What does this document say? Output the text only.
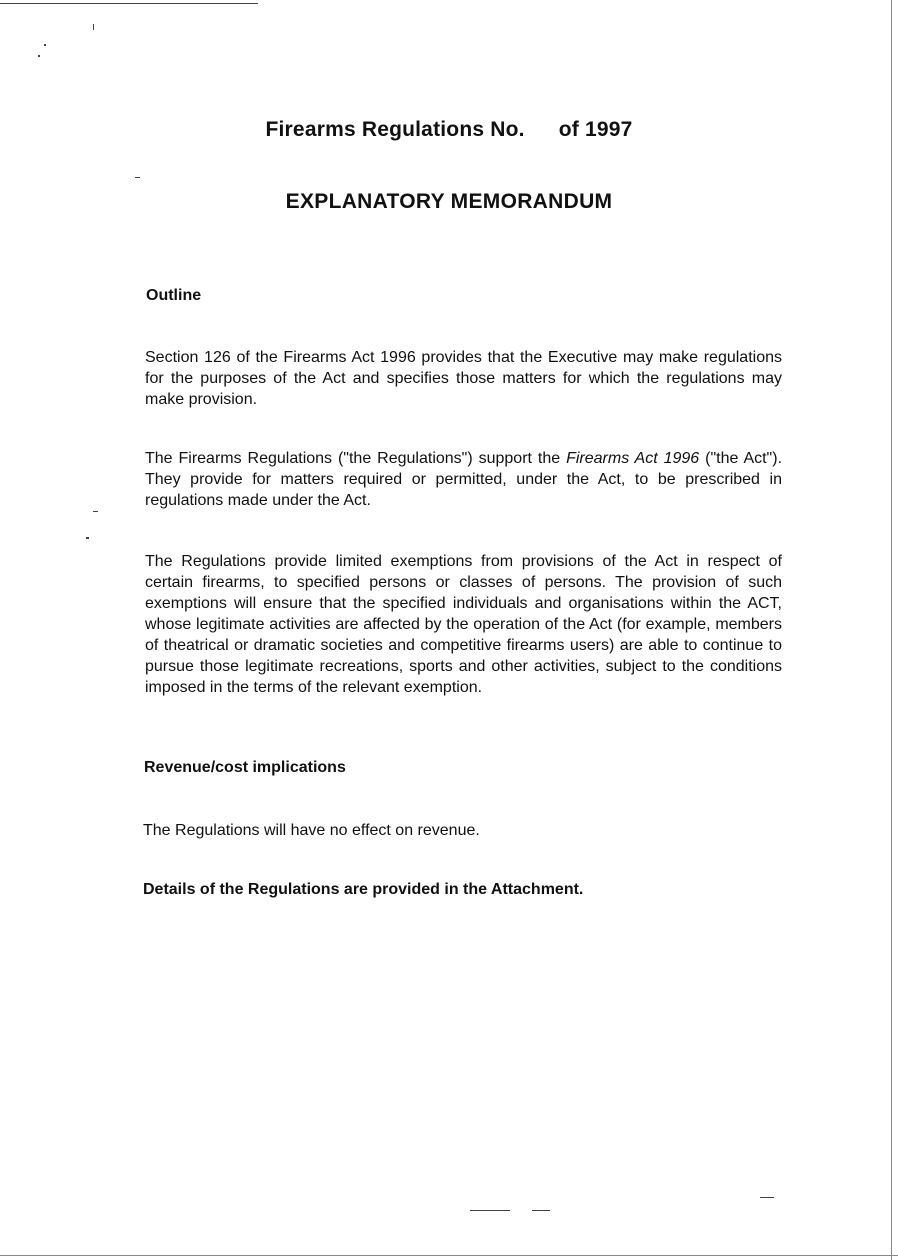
Firearms Regulations No. of 1997
EXPLANATORY MEMORANDUM
Outline
Section 126 of the Firearms Act 1996 provides that the Executive may make regulations for the purposes of the Act and specifies those matters for which the regulations may make provision.
The Firearms Regulations ("the Regulations") support the Firearms Act 1996 ("the Act"). They provide for matters required or permitted, under the Act, to be prescribed in regulations made under the Act.
The Regulations provide limited exemptions from provisions of the Act in respect of certain firearms, to specified persons or classes of persons. The provision of such exemptions will ensure that the specified individuals and organisations within the ACT, whose legitimate activities are affected by the operation of the Act (for example, members of theatrical or dramatic societies and competitive firearms users) are able to continue to pursue those legitimate recreations, sports and other activities, subject to the conditions imposed in the terms of the relevant exemption.
Revenue/cost implications
The Regulations will have no effect on revenue.
Details of the Regulations are provided in the Attachment.
